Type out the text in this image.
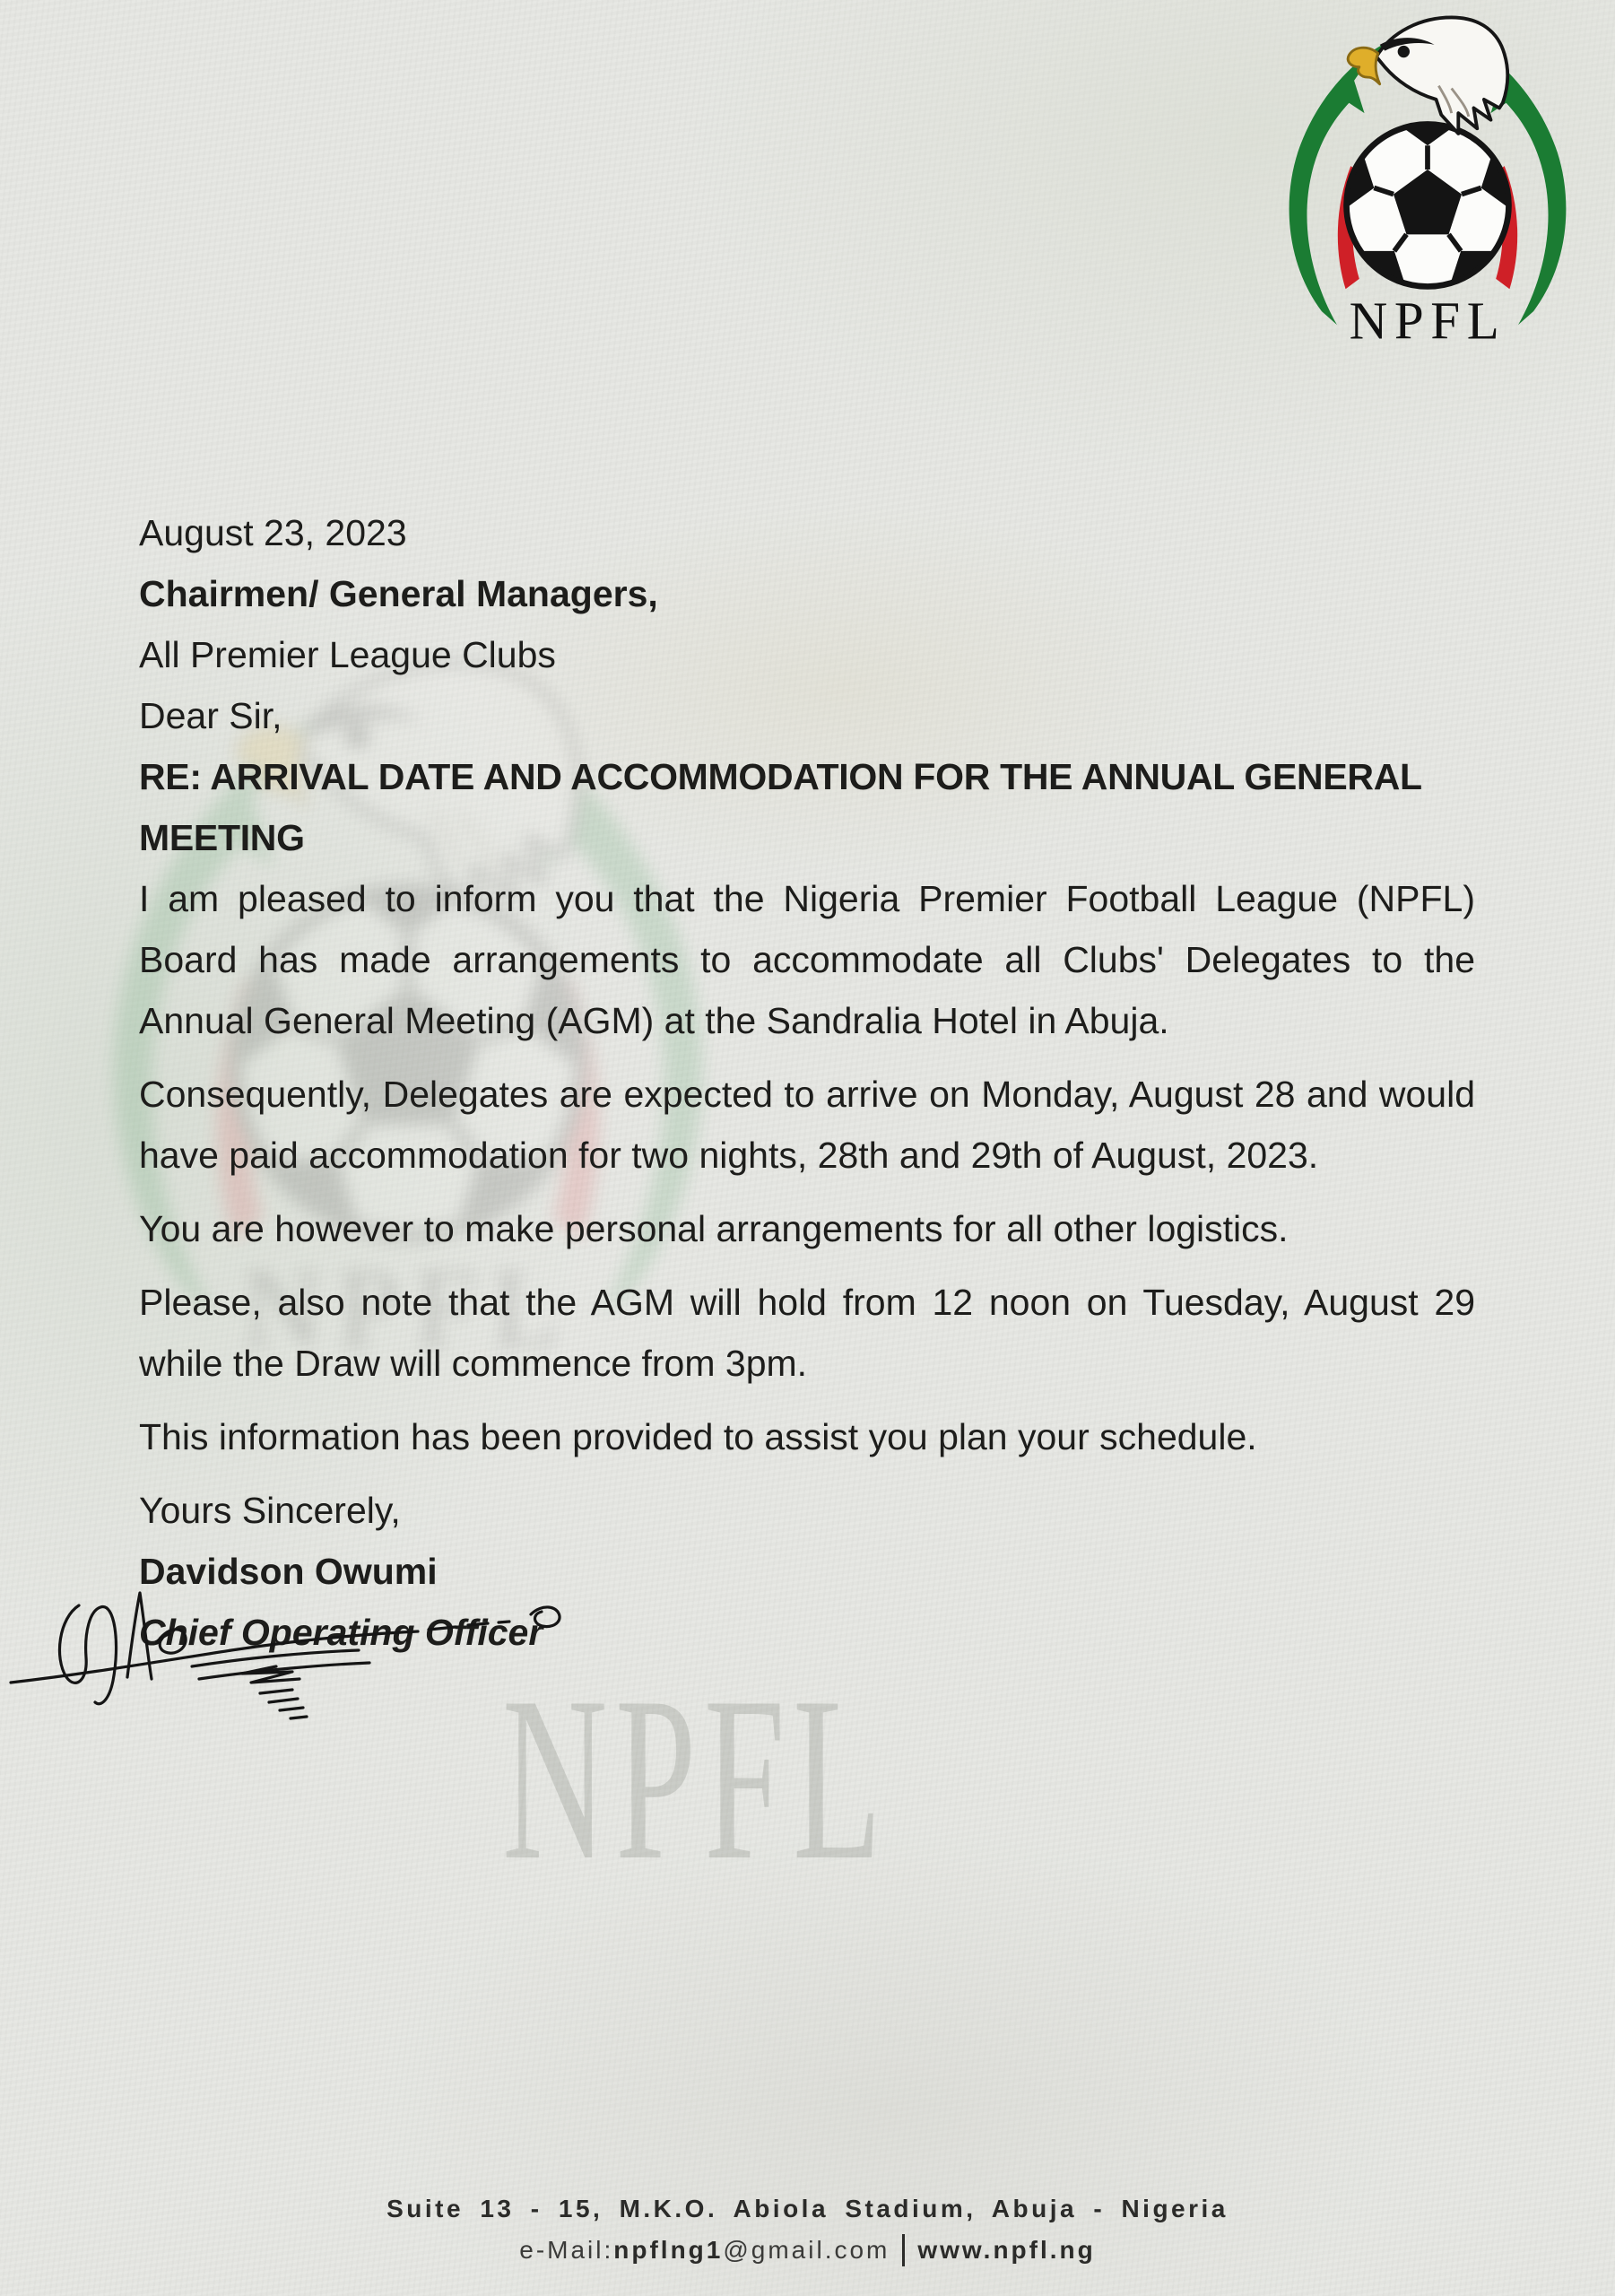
NPFL

August 23, 2023

Chairmen/ General Managers,

All Premier League Clubs

Dear Sir,

RE: ARRIVAL DATE AND ACCOMMODATION FOR THE ANNUAL GENERAL MEETING

I am pleased to inform you that the Nigeria Premier Football League (NPFL) Board has made arrangements to accommodate all Clubs' Delegates to the Annual General Meeting (AGM) at the Sandralia Hotel in Abuja.

Consequently, Delegates are expected to arrive on Monday, August 28 and would have paid accommodation for two nights, 28th and 29th of August, 2023.

You are however to make personal arrangements for all other logistics.

Please, also note that the AGM will hold from 12 noon on Tuesday, August 29 while the Draw will commence from 3pm.

This information has been provided to assist you plan your schedule.

Yours Sincerely,

Davidson Owumi

Chief Operating Officer

Suite 13 - 15, M.K.O. Abiola Stadium, Abuja - Nigeria
e-Mail:npflng1@gmail.com www.npfl.ng
